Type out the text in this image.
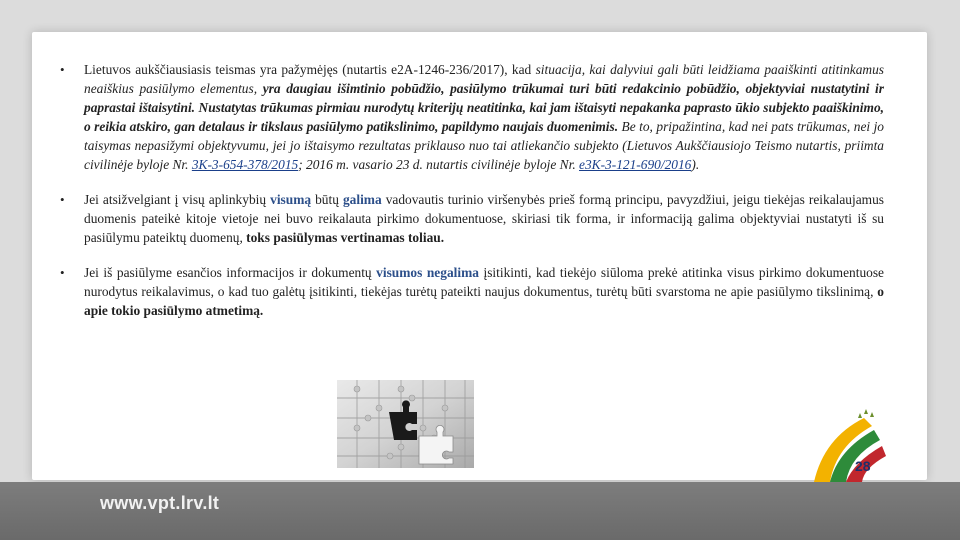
• Lietuvos aukščiausiasis teismas yra pažymėjęs (nutartis e2A-1246-236/2017), kad situacija, kai dalyviui gali būti leidžiama paaiškinti atitinkamus neaiškius pasiūlymo elementus, yra daugiau išimtinio pobūdžio, pasiūlymo trūkumai turi būti redakcinio pobūdžio, objektyviai nustatytini ir paprastai ištaisytini. Nustatytas trūkumas pirmiau nurodytų kriterijų neatitinka, kai jam ištaisyti nepakanka paprasto ūkio subjekto paaiškinimo, o reikia atskiro, gan detalaus ir tikslaus pasiūlymo patikslinimo, papildymo naujais duomenimis. Be to, pripažintina, kad nei pats trūkumas, nei jo taisymas nepasižymi objektyvumu, jei jo ištaisymo rezultatas priklauso nuo tai atliekančio subjekto (Lietuvos Aukščiausiojo Teismo nutartis, priimta civilinėje byloje Nr. 3K-3-654-378/2015; 2016 m. vasario 23 d. nutartis civilinėje byloje Nr. e3K-3-121-690/2016).
• Jei atsižvelgiant į visų aplinkybių visumą būtų galima vadovautis turinio viršenybės prieš formą principu, pavyzdžiui, jeigu tiekėjas reikalaujamus duomenis pateikė kitoje vietoje nei buvo reikalauta pirkimo dokumentuose, skiriasi tik forma, ir informaciją galima objektyviai nustatyti iš su pasiūlymu pateiktų duomenų, toks pasiūlymas vertinamas toliau.
• Jei iš pasiūlyme esančios informacijos ir dokumentų visumos negalima įsitikinti, kad tiekėjo siūloma prekė atitinka visus pirkimo dokumentuose nurodytus reikalavimus, o kad tuo galėtų įsitikinti, tiekėjas turėtų pateikti naujus dokumentus, turėtų būti svarstoma ne apie pasiūlymo tikslinimą, o apie tokio pasiūlymo atmetimą.
28
www.vpt.lrv.lt
